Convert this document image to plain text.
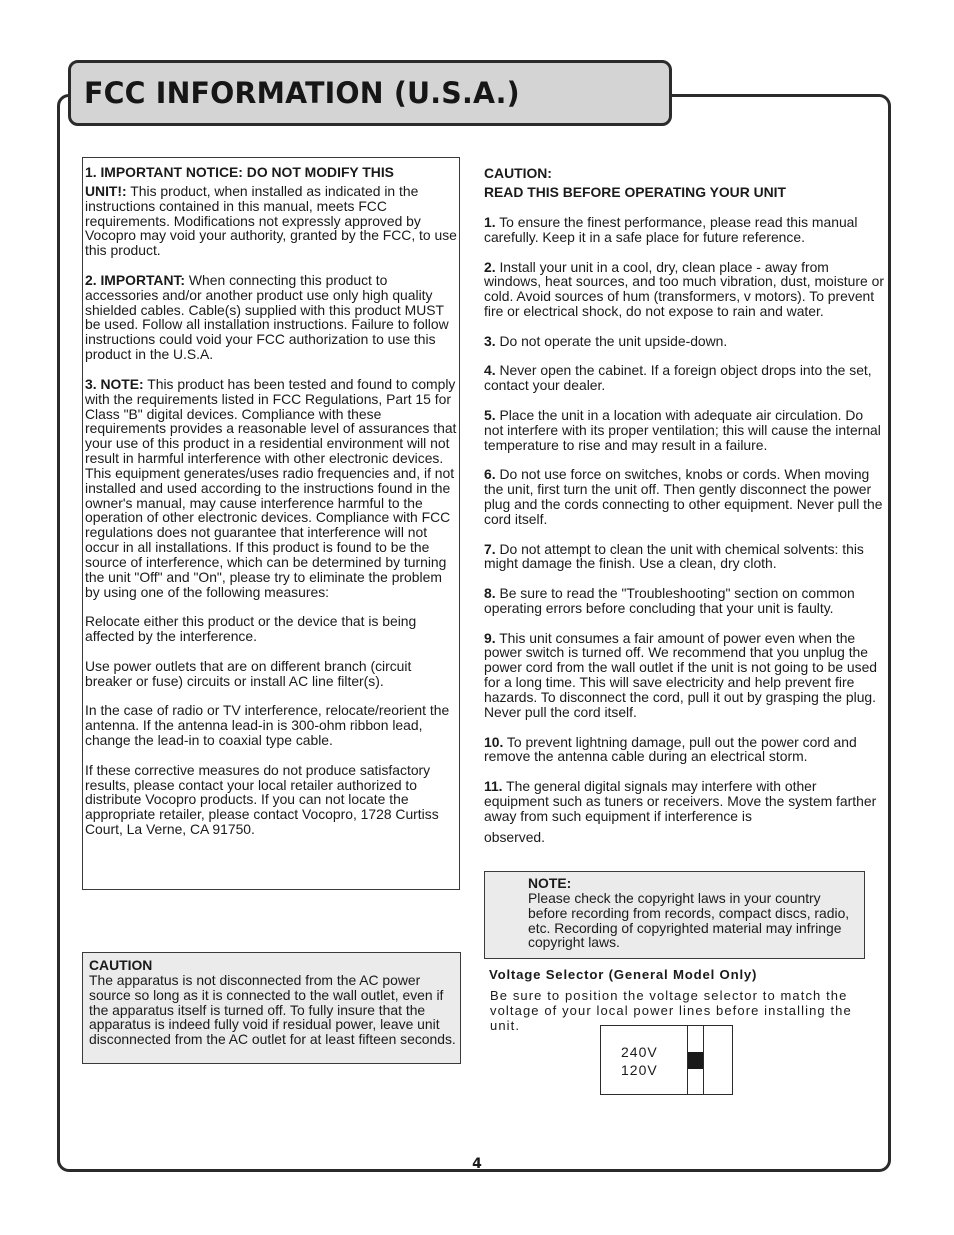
FCC INFORMATION (U.S.A.)
1. IMPORTANT NOTICE: DO NOT MODIFY THIS

UNIT!: This product, when installed as indicated in the instructions contained in this manual, meets FCC requirements. Modifications not expressly approved by Vocopro may void your authority, granted by the FCC, to use this product.

2. IMPORTANT: When connecting this product to accessories and/or another product use only high quality shielded cables. Cable(s) supplied with this product MUST be used. Follow all installation instructions. Failure to follow instructions could void your FCC authorization to use this product in the U.S.A.

3. NOTE: This product has been tested and found to comply with the requirements listed in FCC Regulations, Part 15 for Class "B" digital devices. Compliance with these requirements provides a reasonable level of assurances that your use of this product in a residential environment will not result in harmful interference with other electronic devices. This equipment generates/uses radio frequencies and, if not installed and used according to the instructions found in the owner's manual, may cause interference harmful to the operation of other electronic devices. Compliance with FCC regulations does not guarantee that interference will not occur in all installations. If this product is found to be the source of interference, which can be determined by turning the unit "Off" and "On", please try to eliminate the problem by using one of the following measures:

Relocate either this product or the device that is being affected by the interference.

Use power outlets that are on different branch (circuit breaker or fuse) circuits or install AC line filter(s).

In the case of radio or TV interference, relocate/reorient the antenna. If the antenna lead-in is 300-ohm ribbon lead, change the lead-in to coaxial type cable.

If these corrective measures do not produce satisfactory results, please contact your local retailer authorized to distribute Vocopro products. If you can not locate the appropriate retailer, please contact Vocopro, 1728 Curtiss Court, La Verne, CA 91750.

CAUTION
The apparatus is not disconnected from the AC power source so long as it is connected to the wall outlet, even if the apparatus itself is turned off. To fully insure that the apparatus is indeed fully void if residual power, leave unit disconnected from the AC outlet for at least fifteen seconds.
CAUTION:
READ THIS BEFORE OPERATING YOUR UNIT

1. To ensure the finest performance, please read this manual carefully. Keep it in a safe place for future reference.

2. Install your unit in a cool, dry, clean place - away from windows, heat sources, and too much vibration, dust, moisture or cold. Avoid sources of hum (transformers, v motors). To prevent fire or electrical shock, do not expose to rain and water.

3. Do not operate the unit upside-down.

4. Never open the cabinet. If a foreign object drops into the set, contact your dealer.

5. Place the unit in a location with adequate air circulation. Do not interfere with its proper ventilation; this will cause the internal temperature to rise and may result in a failure.

6. Do not use force on switches, knobs or cords. When moving the unit, first turn the unit off. Then gently disconnect the power plug and the cords connecting to other equipment. Never pull the cord itself.

7. Do not attempt to clean the unit with chemical solvents: this might damage the finish. Use a clean, dry cloth.

8. Be sure to read the "Troubleshooting" section on common operating errors before concluding that your unit is faulty.

9. This unit consumes a fair amount of power even when the power switch is turned off. We recommend that you unplug the power cord from the wall outlet if the unit is not going to be used for a long time. This will save electricity and help prevent fire hazards. To disconnect the cord, pull it out by grasping the plug. Never pull the cord itself.

10. To prevent lightning damage, pull out the power cord and remove the antenna cable during an electrical storm.

11. The general digital signals may interfere with other equipment such as tuners or receivers. Move the system farther away from such equipment if interference is

observed.
NOTE:
Please check the copyright laws in your country before recording from records, compact discs, radio, etc. Recording of copyrighted material may infringe copyright laws.
Voltage Selector (General Model Only)
Be sure to position the voltage selector to match the voltage of your local power lines before installing the unit.
240V
120V
4
